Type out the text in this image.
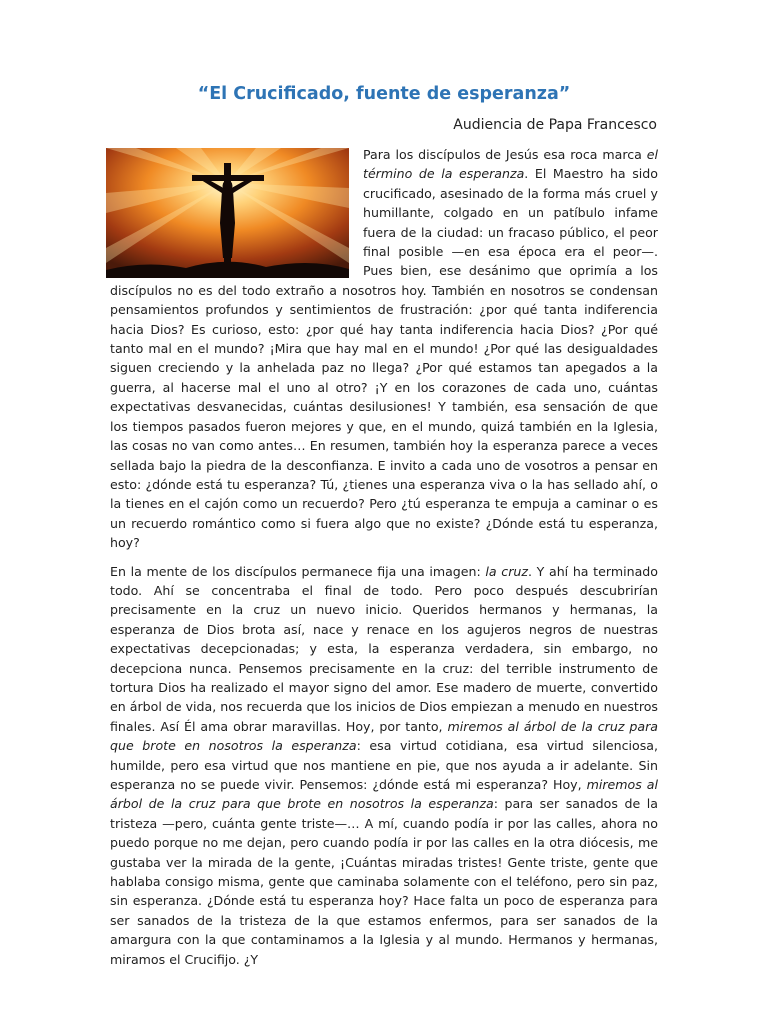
“El Crucificado, fuente de esperanza”

Audiencia de Papa Francesco

Para los discípulos de Jesús esa roca marca el término de la esperanza. El Maestro ha sido crucificado, asesinado de la forma más cruel y humillante, colgado en un patíbulo infame fuera de la ciudad: un fracaso público, el peor final posible —en esa época era el peor—. Pues bien, ese desánimo que oprimía a los discípulos no es del todo extraño a nosotros hoy. También en nosotros se condensan pensamientos profundos y sentimientos de frustración: ¿por qué tanta indiferencia hacia Dios? Es curioso, esto: ¿por qué hay tanta indiferencia hacia Dios? ¿Por qué tanto mal en el mundo? ¡Mira que hay mal en el mundo! ¿Por qué las desigualdades siguen creciendo y la anhelada paz no llega? ¿Por qué estamos tan apegados a la guerra, al hacerse mal el uno al otro? ¡Y en los corazones de cada uno, cuántas expectativas desvanecidas, cuántas desilusiones! Y también, esa sensación de que los tiempos pasados fueron mejores y que, en el mundo, quizá también en la Iglesia, las cosas no van como antes… En resumen, también hoy la esperanza parece a veces sellada bajo la piedra de la desconfianza. E invito a cada uno de vosotros a pensar en esto: ¿dónde está tu esperanza? Tú, ¿tienes una esperanza viva o la has sellado ahí, o la tienes en el cajón como un recuerdo? Pero ¿tú esperanza te empuja a caminar o es un recuerdo romántico como si fuera algo que no existe? ¿Dónde está tu esperanza, hoy?

En la mente de los discípulos permanece fija una imagen: la cruz. Y ahí ha terminado todo. Ahí se concentraba el final de todo. Pero poco después descubrirían precisamente en la cruz un nuevo inicio. Queridos hermanos y hermanas, la esperanza de Dios brota así, nace y renace en los agujeros negros de nuestras expectativas decepcionadas; y esta, la esperanza verdadera, sin embargo, no decepciona nunca. Pensemos precisamente en la cruz: del terrible instrumento de tortura Dios ha realizado el mayor signo del amor. Ese madero de muerte, convertido en árbol de vida, nos recuerda que los inicios de Dios empiezan a menudo en nuestros finales. Así Él ama obrar maravillas. Hoy, por tanto, miremos al árbol de la cruz para que brote en nosotros la esperanza: esa virtud cotidiana, esa virtud silenciosa, humilde, pero esa virtud que nos mantiene en pie, que nos ayuda a ir adelante. Sin esperanza no se puede vivir. Pensemos: ¿dónde está mi esperanza? Hoy, miremos al árbol de la cruz para que brote en nosotros la esperanza: para ser sanados de la tristeza —pero, cuánta gente triste—… A mí, cuando podía ir por las calles, ahora no puedo porque no me dejan, pero cuando podía ir por las calles en la otra diócesis, me gustaba ver la mirada de la gente, ¡Cuántas miradas tristes! Gente triste, gente que hablaba consigo misma, gente que caminaba solamente con el teléfono, pero sin paz, sin esperanza. ¿Dónde está tu esperanza hoy? Hace falta un poco de esperanza para ser sanados de la tristeza de la que estamos enfermos, para ser sanados de la amargura con la que contaminamos a la Iglesia y al mundo. Hermanos y hermanas, miramos el Crucifijo. ¿Y
